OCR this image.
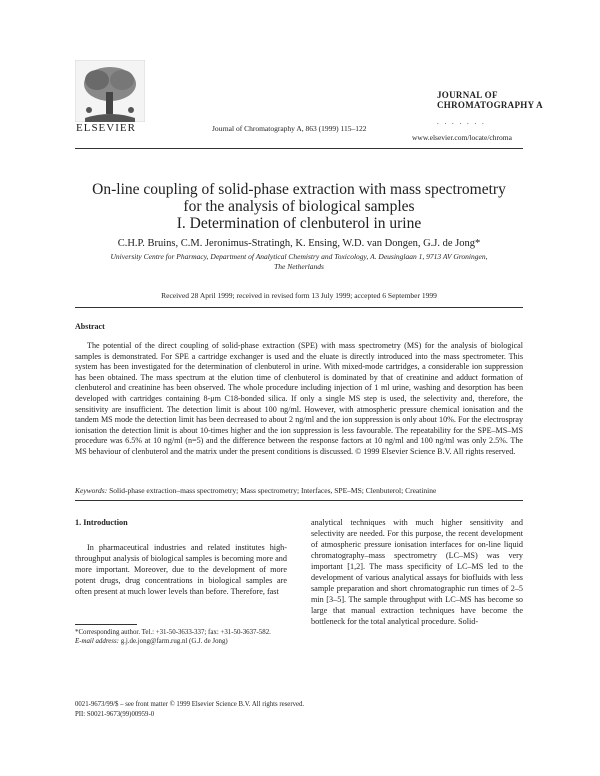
ELSEVIER	Journal of Chromatography A, 863 (1999) 115–122
JOURNAL OF
CHROMATOGRAPHY A
. . . . . . .
www.elsevier.com/locate/chroma
On-line coupling of solid-phase extraction with mass spectrometry
for the analysis of biological samples
I. Determination of clenbuterol in urine
C.H.P. Bruins, C.M. Jeronimus-Stratingh, K. Ensing, W.D. van Dongen, G.J. de Jong*
University Centre for Pharmacy, Department of Analytical Chemistry and Toxicology, A. Deusinglaan 1, 9713 AV Groningen,
The Netherlands
Received 28 April 1999; received in revised form 13 July 1999; accepted 6 September 1999
Abstract
The potential of the direct coupling of solid-phase extraction (SPE) with mass spectrometry (MS) for the analysis of biological samples is demonstrated. For SPE a cartridge exchanger is used and the eluate is directly introduced into the mass spectrometer. This system has been investigated for the determination of clenbuterol in urine. With mixed-mode cartridges, a considerable ion suppression has been obtained. The mass spectrum at the elution time of clenbuterol is dominated by that of creatinine and adduct formation of clenbuterol and creatinine has been observed. The whole procedure including injection of 1 ml urine, washing and desorption has been developed with cartridges containing 8-μm C18-bonded silica. If only a single MS step is used, the selectivity and, therefore, the sensitivity are insufficient. The detection limit is about 100 ng/ml. However, with atmospheric pressure chemical ionisation and the tandem MS mode the detection limit has been decreased to about 2 ng/ml and the ion suppression is only about 10%. For the electrospray ionisation the detection limit is about 10-times higher and the ion suppression is less favourable. The repeatability for the SPE–MS–MS procedure was 6.5% at 10 ng/ml (n=5) and the difference between the response factors at 10 ng/ml and 100 ng/ml was only 2.5%. The MS behaviour of clenbuterol and the matrix under the present conditions is discussed. © 1999 Elsevier Science B.V. All rights reserved.
Keywords: Solid-phase extraction–mass spectrometry; Mass spectrometry; Interfaces, SPE–MS; Clenbuterol; Creatinine
1. Introduction
In pharmaceutical industries and related institutes high-throughput analysis of biological samples is becoming more and more important. Moreover, due to the development of more potent drugs, drug concentrations in biological samples are often present at much lower levels than before. Therefore, fast
analytical techniques with much higher sensitivity and selectivity are needed. For this purpose, the recent development of atmospheric pressure ionisation interfaces for on-line liquid chromatography–mass spectrometry (LC–MS) was very important [1,2]. The mass specificity of LC–MS led to the development of various analytical assays for biofluids with less sample preparation and short chromatographic run times of 2–5 min [3–5]. The sample throughput with LC–MS has become so large that manual extraction techniques have become the bottleneck for the total analytical procedure. Solid-
*Corresponding author. Tel.: +31-50-3633-337; fax: +31-50-3637-582.
E-mail address: g.j.de.jong@farm.rug.nl (G.J. de Jong)
0021-9673/99/$ – see front matter © 1999 Elsevier Science B.V. All rights reserved.
PII: S0021-9673(99)00959-0
